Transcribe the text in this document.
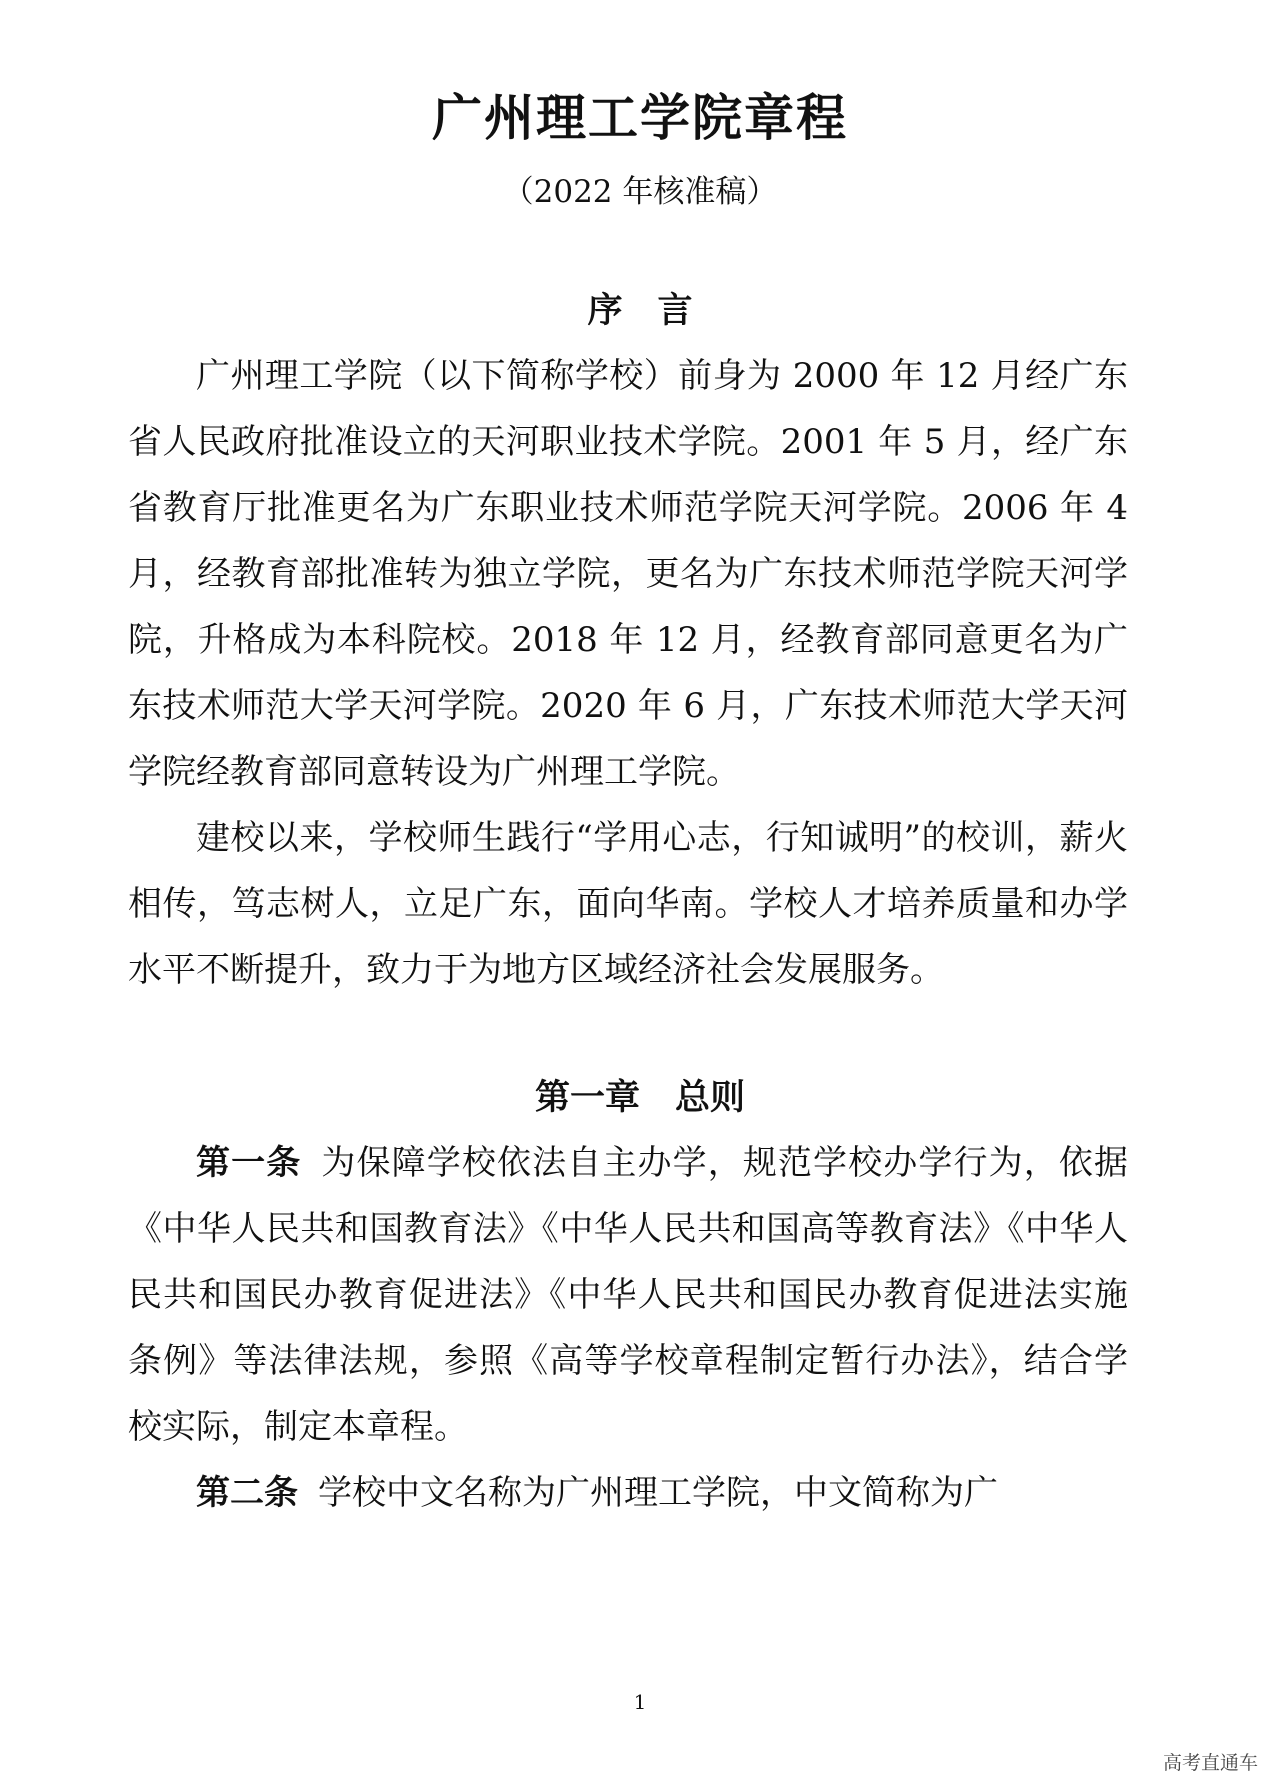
广州理工学院章程

（2022 年核准稿）

序　言

广州理工学院（以下简称学校）前身为 2000 年 12 月经广东省人民政府批准设立的天河职业技术学院。2001 年 5 月，经广东省教育厅批准更名为广东职业技术师范学院天河学院。2006 年 4 月，经教育部批准转为独立学院，更名为广东技术师范学院天河学院，升格成为本科院校。2018 年 12 月，经教育部同意更名为广东技术师范大学天河学院。2020 年 6 月，广东技术师范大学天河学院经教育部同意转设为广州理工学院。

建校以来，学校师生践行“学用心志，行知诚明”的校训，薪火相传，笃志树人，立足广东，面向华南。学校人才培养质量和办学水平不断提升，致力于为地方区域经济社会发展服务。

第一章　总则

第一条 为保障学校依法自主办学，规范学校办学行为，依据《中华人民共和国教育法》《中华人民共和国高等教育法》《中华人民共和国民办教育促进法》《中华人民共和国民办教育促进法实施条例》等法律法规，参照《高等学校章程制定暂行办法》，结合学校实际，制定本章程。

第二条 学校中文名称为广州理工学院，中文简称为广

1

高考直通车
